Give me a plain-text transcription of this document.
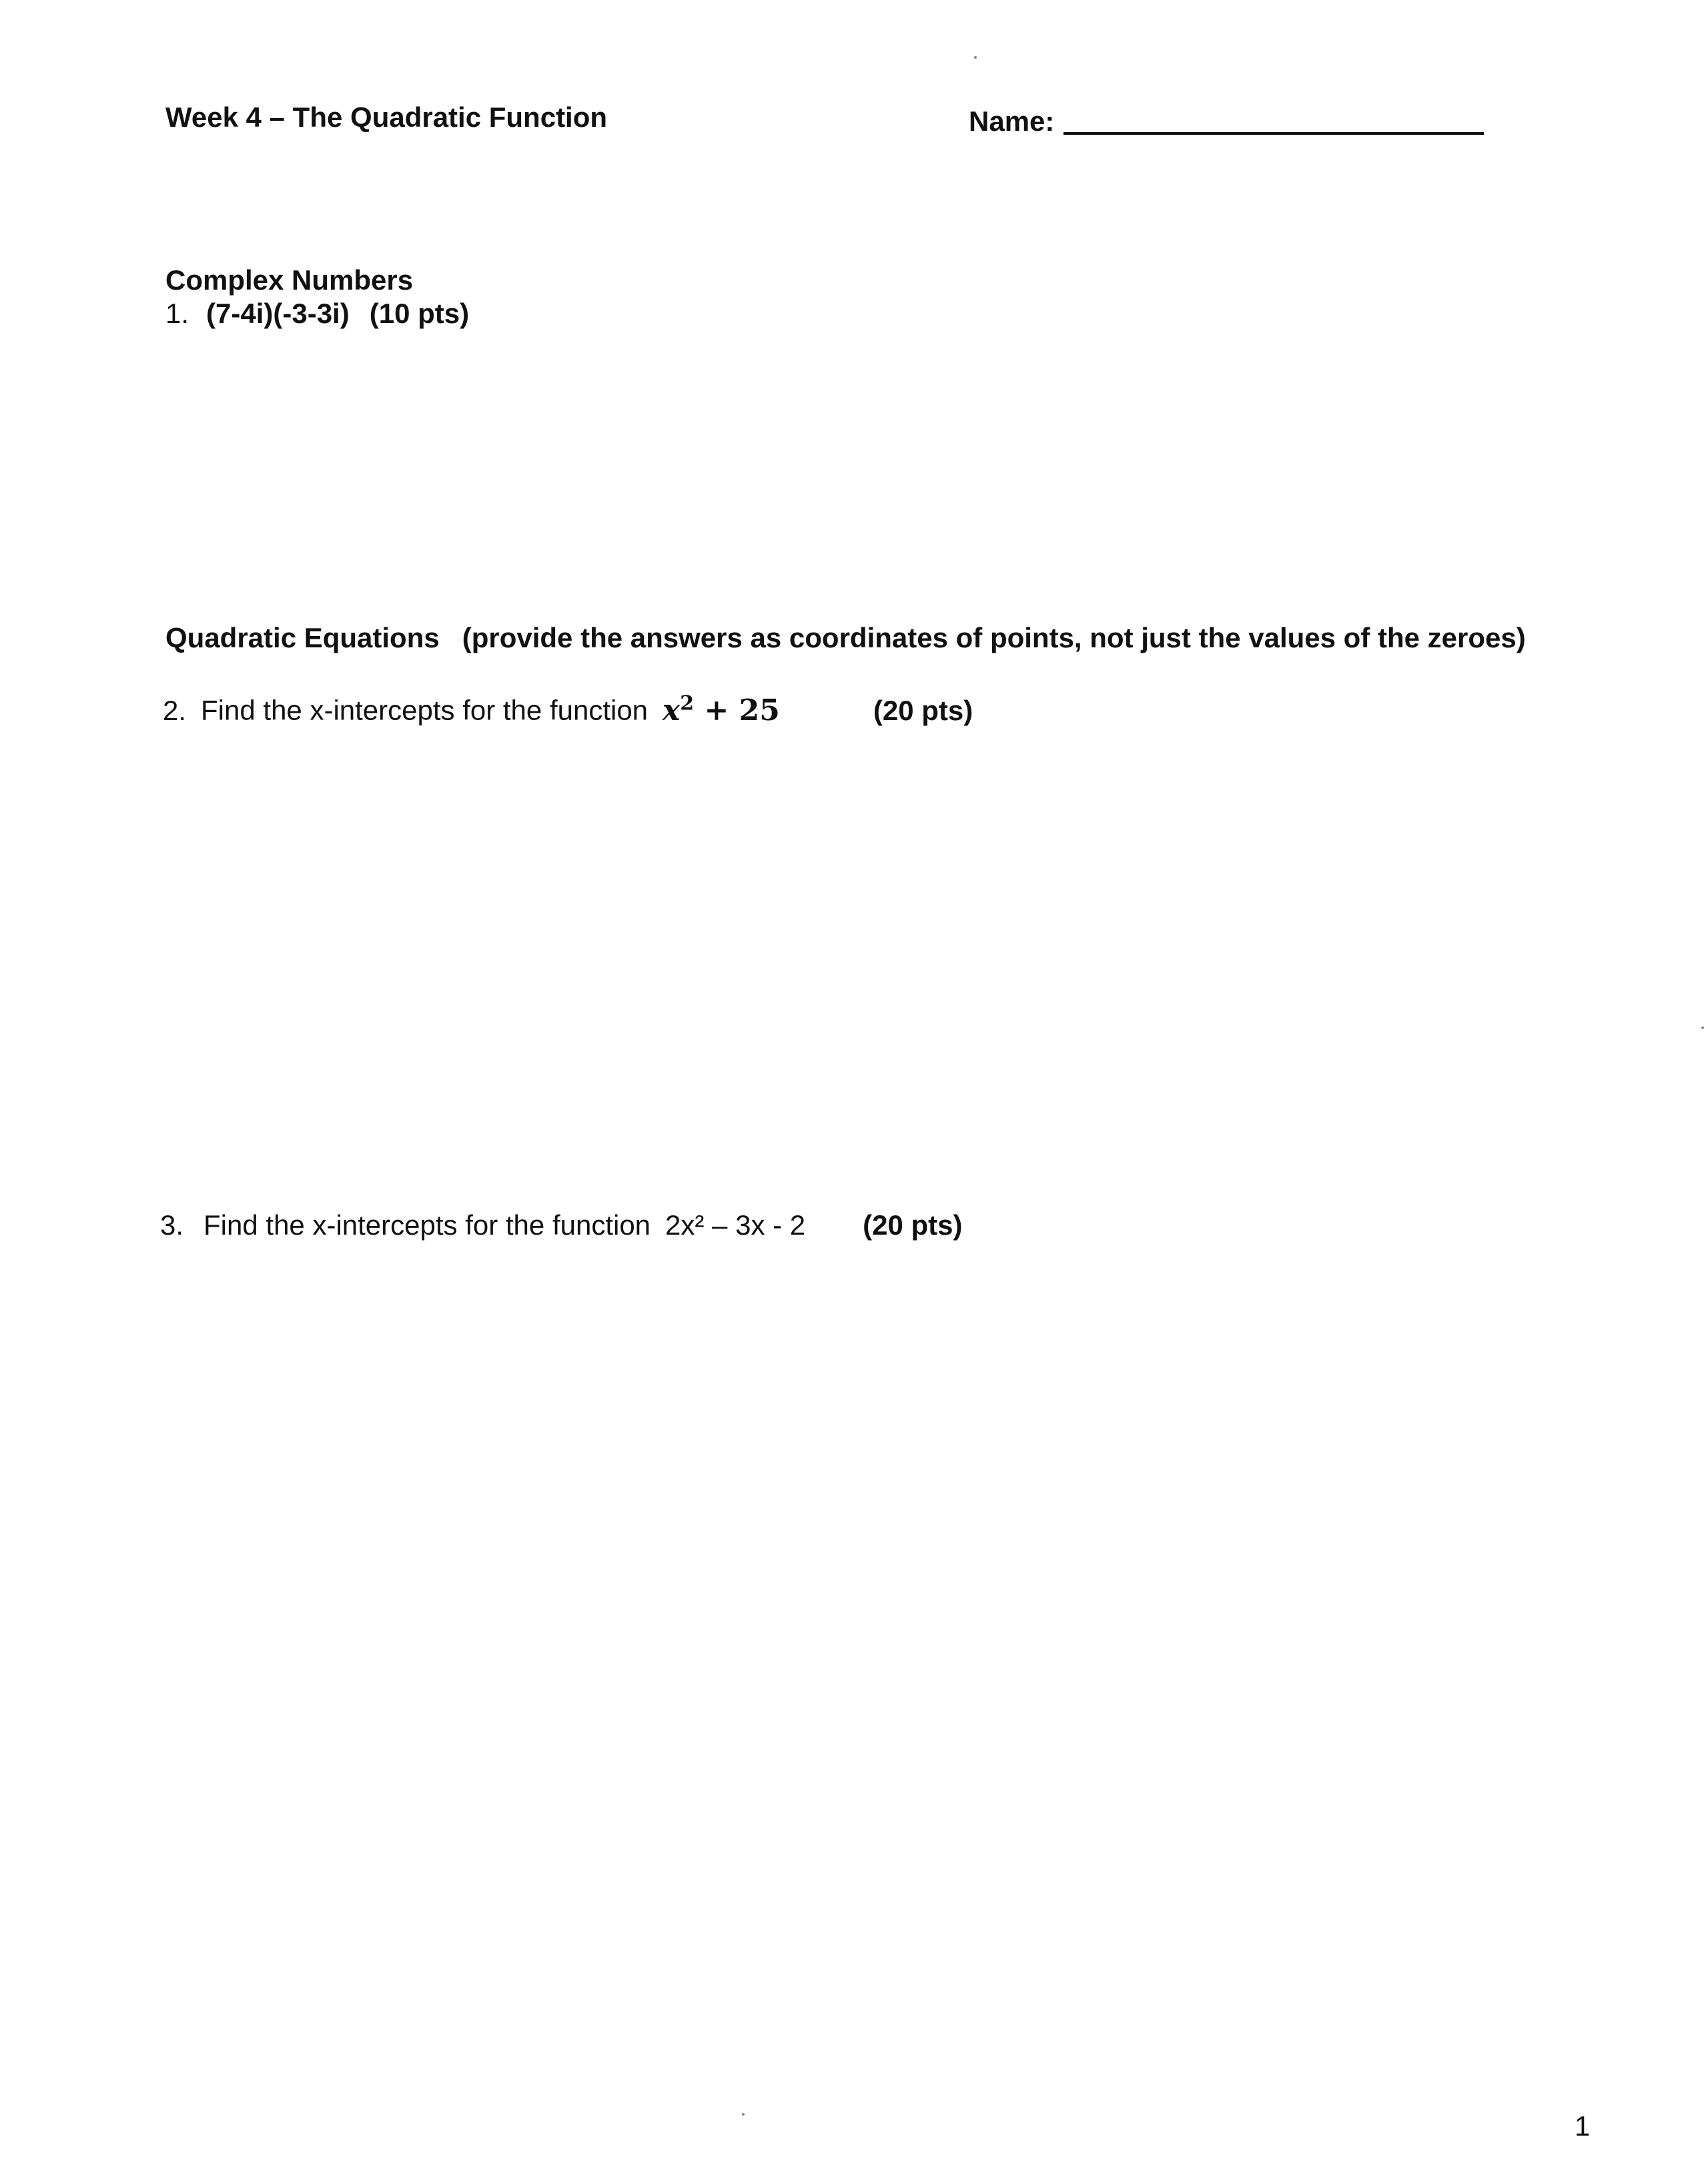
Week 4 – The Quadratic Function	Name:
Complex Numbers
1. (7-4i)(-3-3i) (10 pts)
Quadratic Equations (provide the answers as coordinates of points, not just the values of the zeroes)
2. Find the x-intercepts for the function $x^2 + 25$	(20 pts)
3. Find the x-intercepts for the function 2x² – 3x - 2 (20 pts)
1
